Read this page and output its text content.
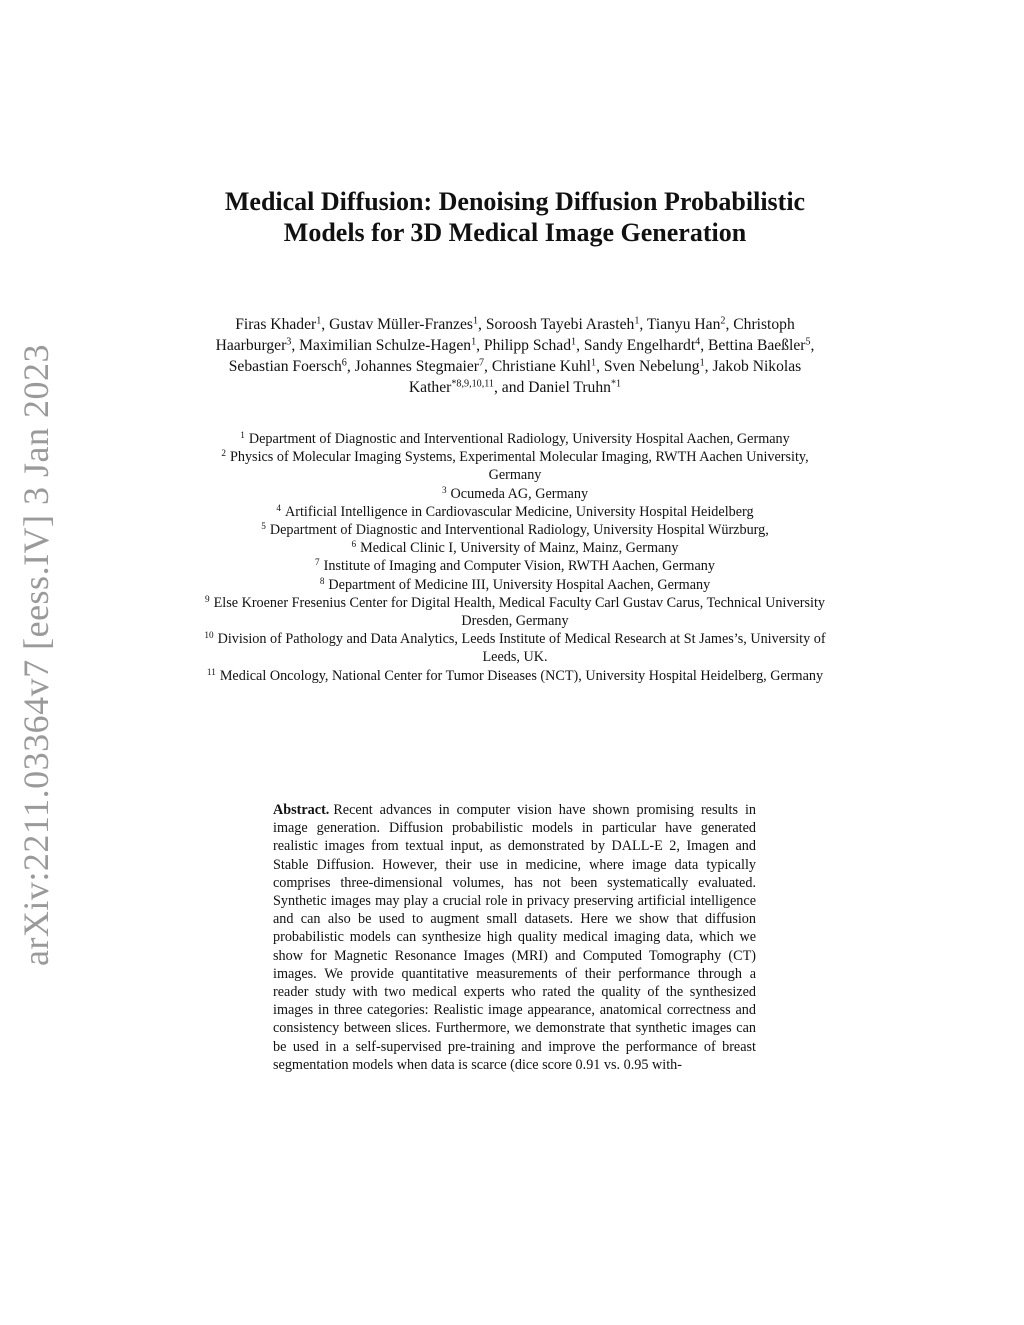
arXiv:2211.03364v7 [eess.IV] 3 Jan 2023
Medical Diffusion: Denoising Diffusion Probabilistic Models for 3D Medical Image Generation
Firas Khader$^1$, Gustav Müller-Franzes$^1$, Soroosh Tayebi Arasteh$^1$, Tianyu Han$^2$, Christoph Haarburger$^3$, Maximilian Schulze-Hagen$^1$, Philipp Schad$^1$, Sandy Engelhardt$^4$, Bettina Baeßler$^5$, Sebastian Foersch$^6$, Johannes Stegmaier$^7$, Christiane Kuhl$^1$, Sven Nebelung$^1$, Jakob Nikolas Kather$^{*8,9,10,11}$, and Daniel Truhn$^{*1}$
$^1$ Department of Diagnostic and Interventional Radiology, University Hospital Aachen, Germany
$^2$ Physics of Molecular Imaging Systems, Experimental Molecular Imaging, RWTH Aachen University, Germany
$^3$ Ocumeda AG, Germany
$^4$ Artificial Intelligence in Cardiovascular Medicine, University Hospital Heidelberg
$^5$ Department of Diagnostic and Interventional Radiology, University Hospital Würzburg,
$^6$ Medical Clinic I, University of Mainz, Mainz, Germany
$^7$ Institute of Imaging and Computer Vision, RWTH Aachen, Germany
$^8$ Department of Medicine III, University Hospital Aachen, Germany
$^9$ Else Kroener Fresenius Center for Digital Health, Medical Faculty Carl Gustav Carus, Technical University Dresden, Germany
$^{10}$ Division of Pathology and Data Analytics, Leeds Institute of Medical Research at St James’s, University of Leeds, UK.
$^{11}$ Medical Oncology, National Center for Tumor Diseases (NCT), University Hospital Heidelberg, Germany
Abstract. Recent advances in computer vision have shown promising results in image generation. Diffusion probabilistic models in particular have generated realistic images from textual input, as demonstrated by DALL-E 2, Imagen and Stable Diffusion. However, their use in medicine, where image data typically comprises three-dimensional volumes, has not been systematically evaluated. Synthetic images may play a crucial role in privacy preserving artificial intelligence and can also be used to augment small datasets. Here we show that diffusion probabilistic models can synthesize high quality medical imaging data, which we show for Magnetic Resonance Images (MRI) and Computed Tomography (CT) images. We provide quantitative measurements of their performance through a reader study with two medical experts who rated the quality of the synthesized images in three categories: Realistic image appearance, anatomical correctness and consistency between slices. Furthermore, we demonstrate that synthetic images can be used in a self-supervised pre-training and improve the performance of breast segmentation models when data is scarce (dice score 0.91 vs. 0.95 with-
